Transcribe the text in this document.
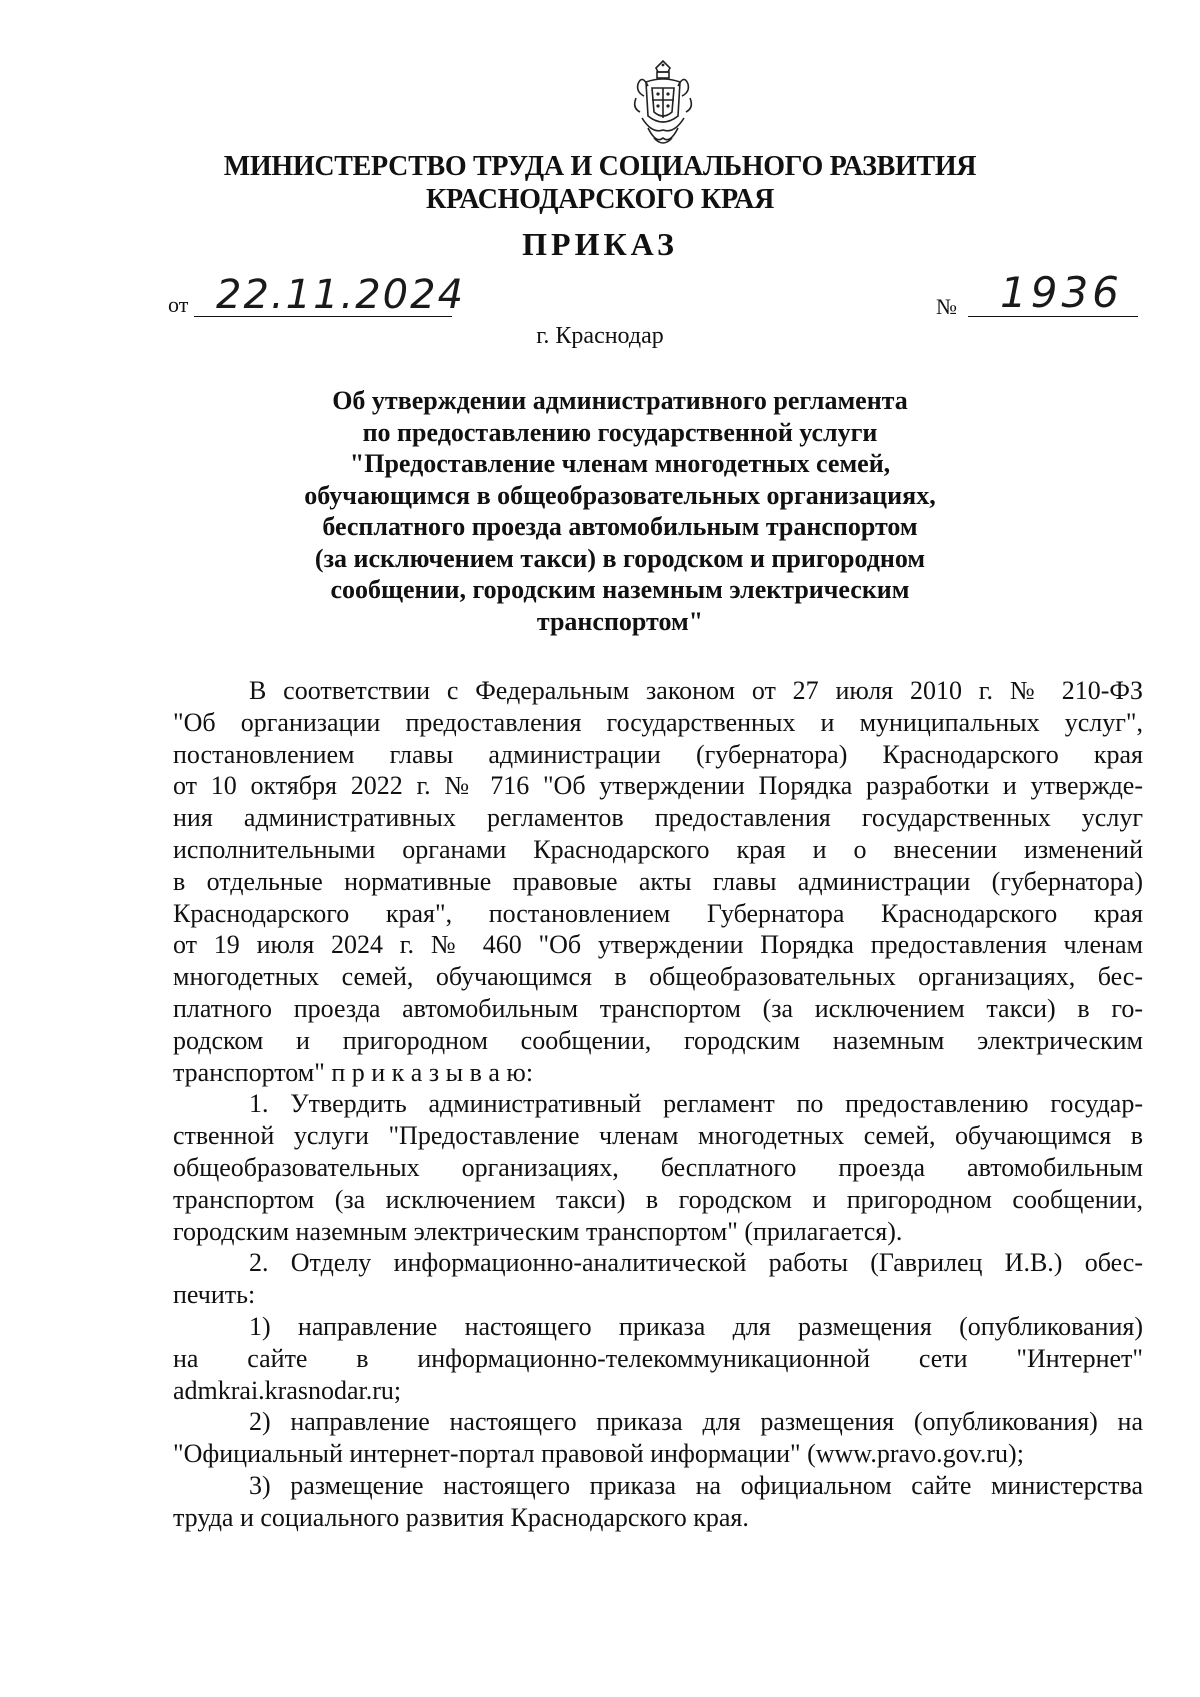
МИНИСТЕРСТВО ТРУДА И СОЦИАЛЬНОГО РАЗВИТИЯ
КРАСНОДАРСКОГО КРАЯ
ПРИКАЗ
от 22.11.2024	№ 1936
г. Краснодар
Об утверждении административного регламента
по предоставлению государственной услуги
"Предоставление членам многодетных семей,
обучающимся в общеобразовательных организациях,
бесплатного проезда автомобильным транспортом
(за исключением такси) в городском и пригородном
сообщении, городским наземным электрическим
транспортом"
В соответствии с Федеральным законом от 27 июля 2010 г. № 210-ФЗ
"Об организации предоставления государственных и муниципальных услуг",
постановлением главы администрации (губернатора) Краснодарского края
от 10 октября 2022 г. № 716 "Об утверждении Порядка разработки и утвержде-
ния административных регламентов предоставления государственных услуг
исполнительными органами Краснодарского края и о внесении изменений
в отдельные нормативные правовые акты главы администрации (губернатора)
Краснодарского края", постановлением Губернатора Краснодарского края
от 19 июля 2024 г. № 460 "Об утверждении Порядка предоставления членам
многодетных семей, обучающимся в общеобразовательных организациях, бес-
платного проезда автомобильным транспортом (за исключением такси) в го-
родском и пригородном сообщении, городским наземным электрическим
транспортом" п р и к а з ы в а ю:
1. Утвердить административный регламент по предоставлению государ-
ственной услуги "Предоставление членам многодетных семей, обучающимся в
общеобразовательных организациях, бесплатного проезда автомобильным
транспортом (за исключением такси) в городском и пригородном сообщении,
городским наземным электрическим транспортом" (прилагается).
2. Отделу информационно-аналитической работы (Гаврилец И.В.) обес-
печить:
1) направление настоящего приказа для размещения (опубликования)
на сайте в информационно-телекоммуникационной сети "Интернет"
admkrai.krasnodar.ru;
2) направление настоящего приказа для размещения (опубликования) на
"Официальный интернет-портал правовой информации" (www.pravo.gov.ru);
3) размещение настоящего приказа на официальном сайте министерства
труда и социального развития Краснодарского края.
